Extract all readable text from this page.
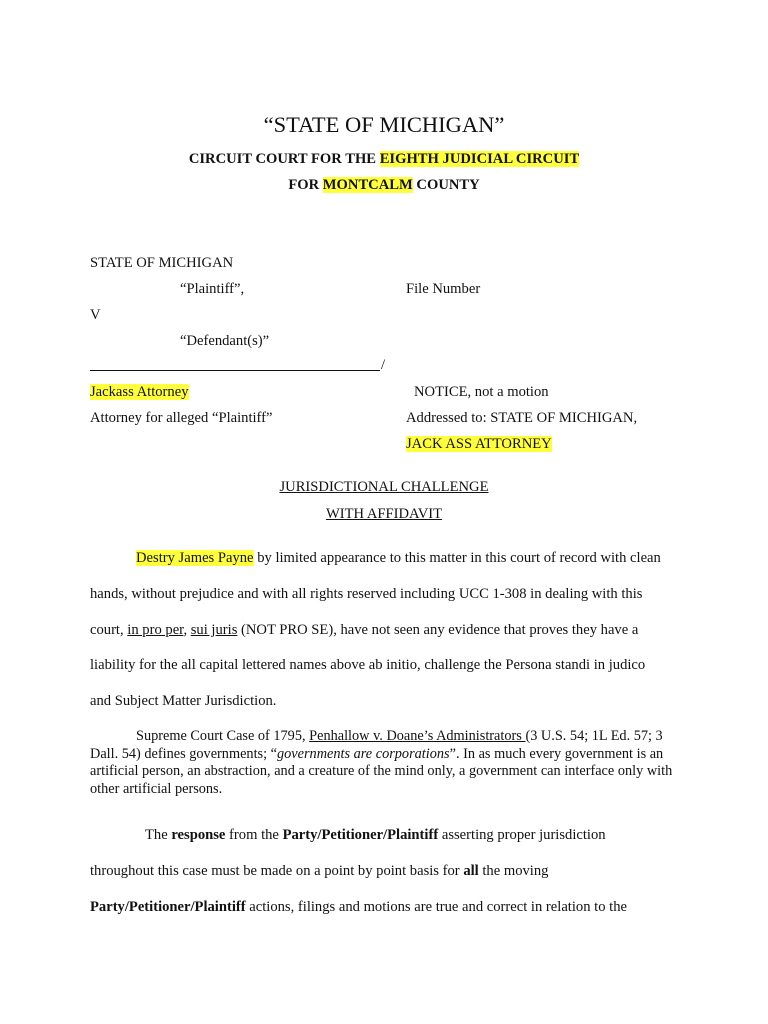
“STATE OF MICHIGAN”
CIRCUIT COURT FOR THE EIGHTH JUDICIAL CIRCUIT
FOR MONTCALM COUNTY
STATE OF MICHIGAN
“Plaintiff”,	File Number
V
“Defendant(s)”
/
Jackass Attorney	NOTICE, not a motion
Attorney for alleged “Plaintiff”	Addressed to: STATE OF MICHIGAN,
JACK ASS ATTORNEY
JURISDICTIONAL CHALLENGE
WITH AFFIDAVIT
Destry James Payne by limited appearance to this matter in this court of record with clean
hands, without prejudice and with all rights reserved including UCC 1-308 in dealing with this
court, in pro per, sui juris (NOT PRO SE), have not seen any evidence that proves they have a
liability for the all capital lettered names above ab initio, challenge the Persona standi in judico
and Subject Matter Jurisdiction.
Supreme Court Case of 1795, Penhallow v. Doane’s Administrators (3 U.S. 54; 1L Ed. 57; 3 Dall. 54) defines governments; “governments are corporations”. In as much every government is an artificial person, an abstraction, and a creature of the mind only, a government can interface only with other artificial persons.
The response from the Party/Petitioner/Plaintiff asserting proper jurisdiction
throughout this case must be made on a point by point basis for all the moving
Party/Petitioner/Plaintiff actions, filings and motions are true and correct in relation to the
